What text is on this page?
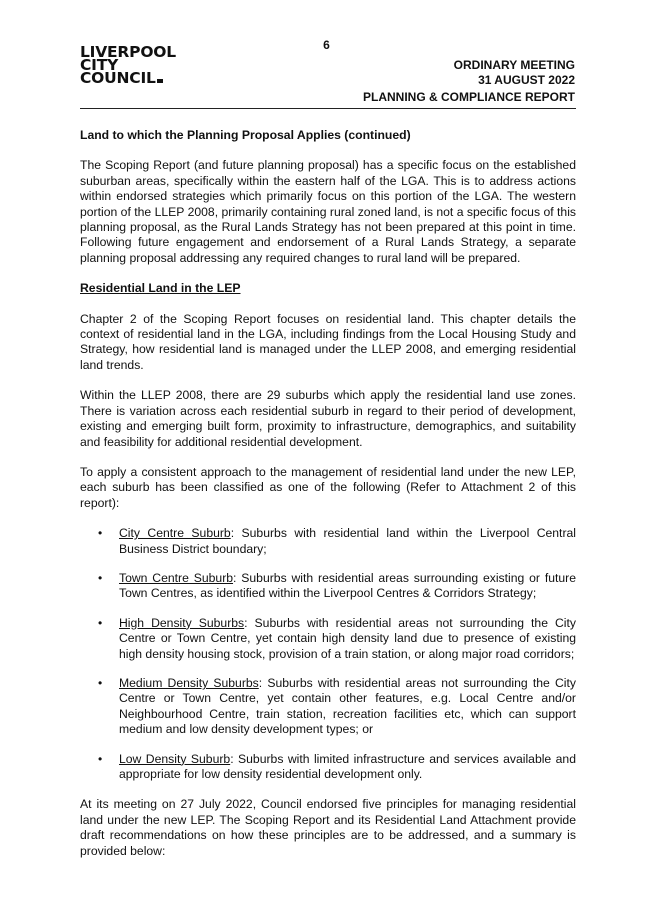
6
LIVERPOOL
CITY
COUNCIL
ORDINARY MEETING
31 AUGUST 2022
PLANNING & COMPLIANCE REPORT
Land to which the Planning Proposal Applies (continued)

The Scoping Report (and future planning proposal) has a specific focus on the established suburban areas, specifically within the eastern half of the LGA. This is to address actions within endorsed strategies which primarily focus on this portion of the LGA. The western portion of the LLEP 2008, primarily containing rural zoned land, is not a specific focus of this planning proposal, as the Rural Lands Strategy has not been prepared at this point in time. Following future engagement and endorsement of a Rural Lands Strategy, a separate planning proposal addressing any required changes to rural land will be prepared.

Residential Land in the LEP

Chapter 2 of the Scoping Report focuses on residential land. This chapter details the context of residential land in the LGA, including findings from the Local Housing Study and Strategy, how residential land is managed under the LLEP 2008, and emerging residential land trends.

Within the LLEP 2008, there are 29 suburbs which apply the residential land use zones. There is variation across each residential suburb in regard to their period of development, existing and emerging built form, proximity to infrastructure, demographics, and suitability and feasibility for additional residential development.

To apply a consistent approach to the management of residential land under the new LEP, each suburb has been classified as one of the following (Refer to Attachment 2 of this report):

• City Centre Suburb: Suburbs with residential land within the Liverpool Central Business District boundary;
• Town Centre Suburb: Suburbs with residential areas surrounding existing or future Town Centres, as identified within the Liverpool Centres & Corridors Strategy;
• High Density Suburbs: Suburbs with residential areas not surrounding the City Centre or Town Centre, yet contain high density land due to presence of existing high density housing stock, provision of a train station, or along major road corridors;
• Medium Density Suburbs: Suburbs with residential areas not surrounding the City Centre or Town Centre, yet contain other features, e.g. Local Centre and/or Neighbourhood Centre, train station, recreation facilities etc, which can support medium and low density development types; or
• Low Density Suburb: Suburbs with limited infrastructure and services available and appropriate for low density residential development only.

At its meeting on 27 July 2022, Council endorsed five principles for managing residential land under the new LEP. The Scoping Report and its Residential Land Attachment provide draft recommendations on how these principles are to be addressed, and a summary is provided below:
